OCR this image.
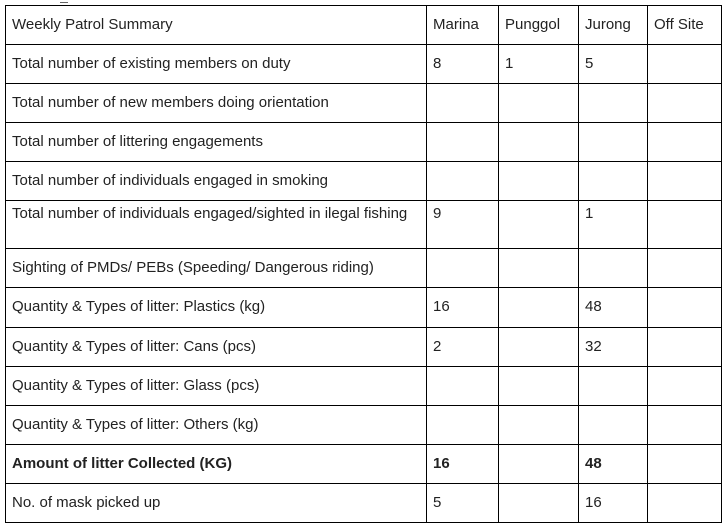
Weekly Patrol Summary	Marina	Punggol	Jurong	Off Site
Total number of existing members on duty	8	1	5	
Total number of new members doing orientation				
Total number of littering engagements				
Total number of individuals engaged in smoking				
Total number of individuals engaged/sighted in ilegal fishing	9		1	
Sighting of PMDs/ PEBs (Speeding/ Dangerous riding)				
Quantity & Types of litter: Plastics (kg)	16		48	
Quantity & Types of litter: Cans (pcs)	2		32	
Quantity & Types of litter: Glass (pcs)				
Quantity & Types of litter: Others (kg)				
Amount of litter Collected (KG)	16		48	
No. of mask picked up	5		16	
